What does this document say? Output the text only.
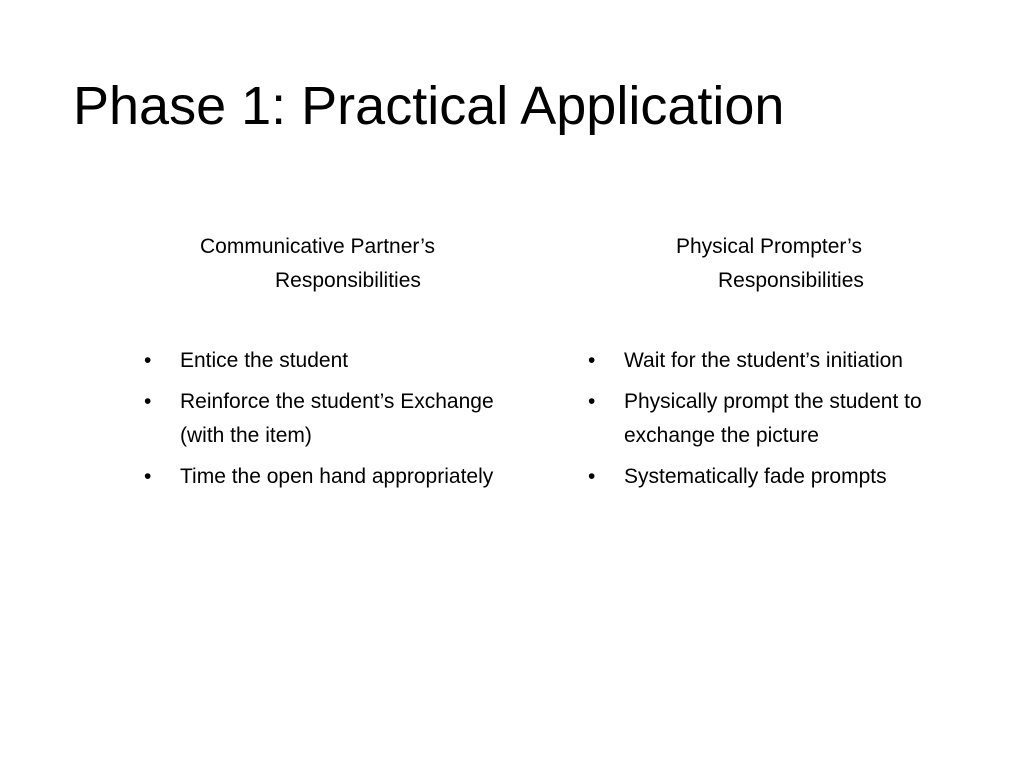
Phase 1: Practical Application
Communicative Partner’s
Responsibilities
Physical Prompter’s
Responsibilities
• Entice the student
• Reinforce the student’s Exchange (with the item)
• Time the open hand appropriately
• Wait for the student’s initiation
• Physically prompt the student to exchange the picture
• Systematically fade prompts
